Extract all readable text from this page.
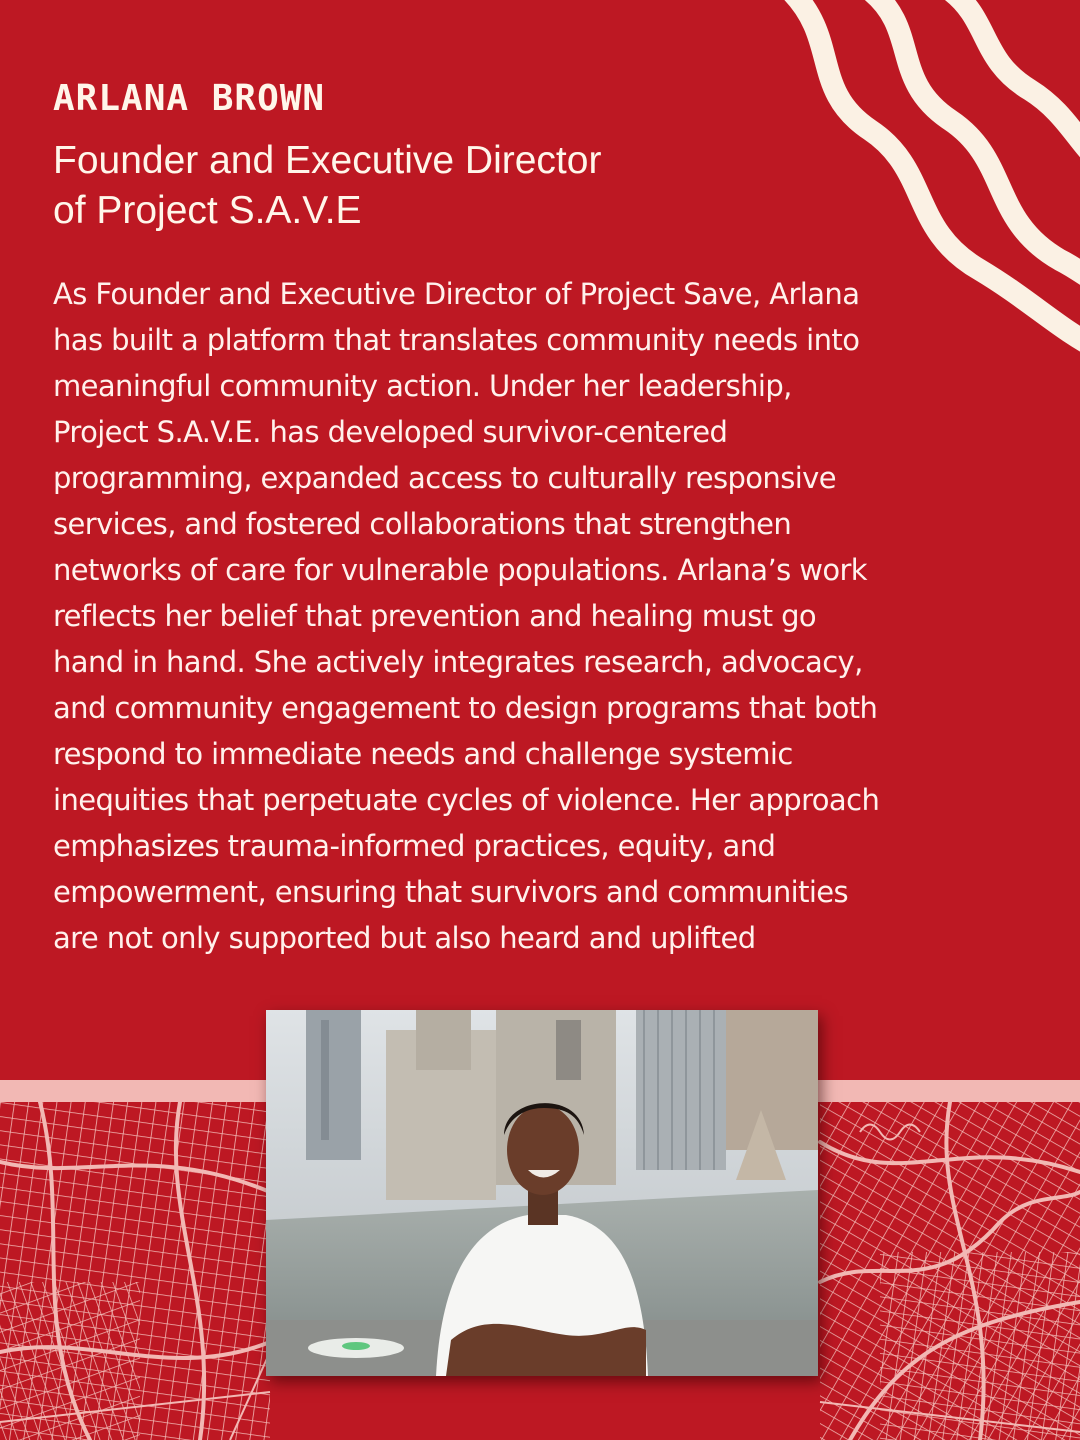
ARLANA BROWN
Founder and Executive Director
of Project S.A.V.E
As Founder and Executive Director of Project Save, Arlana
has built a platform that translates community needs into
meaningful community action. Under her leadership,
Project S.A.V.E. has developed survivor-centered
programming, expanded access to culturally responsive
services, and fostered collaborations that strengthen
networks of care for vulnerable populations. Arlana’s work
reflects her belief that prevention and healing must go
hand in hand. She actively integrates research, advocacy,
and community engagement to design programs that both
respond to immediate needs and challenge systemic
inequities that perpetuate cycles of violence. Her approach
emphasizes trauma-informed practices, equity, and
empowerment, ensuring that survivors and communities
are not only supported but also heard and uplifted
